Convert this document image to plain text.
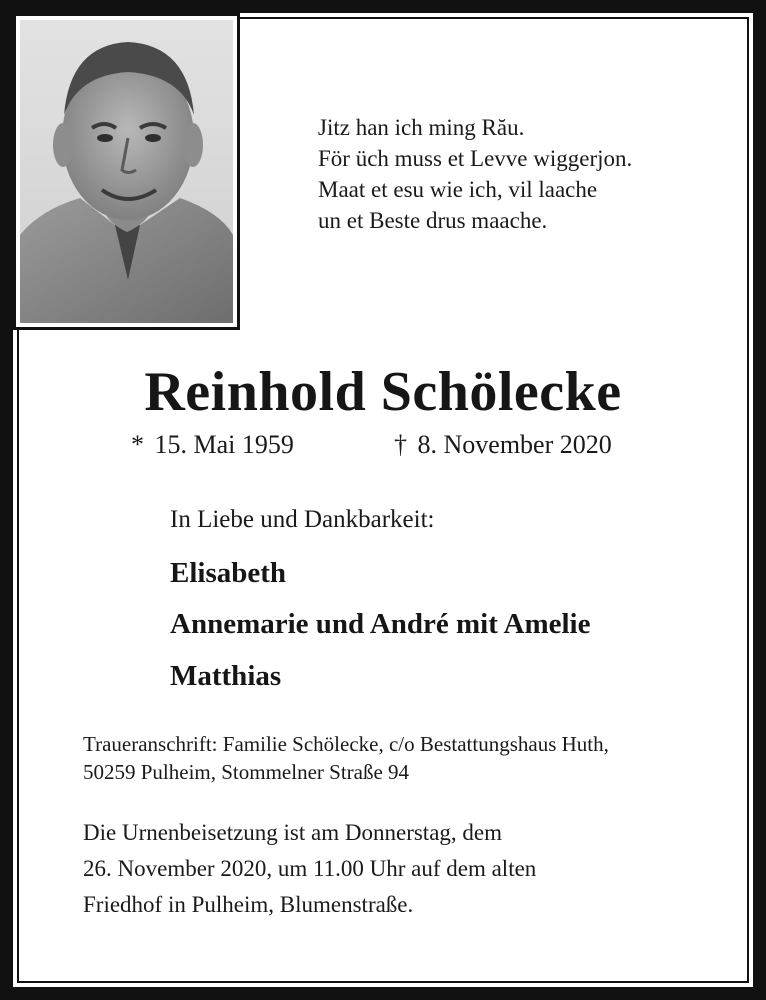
Jitz han ich ming Rău.
För üch muss et Levve wiggerjon.
Maat et esu wie ich, vil laache
un et Beste drus maache.
Reinhold Schölecke
* 15. Mai 1959	† 8. November 2020
In Liebe und Dankbarkeit:
Elisabeth
Annemarie und André mit Amelie
Matthias
Traueranschrift: Familie Schölecke, c/o Bestattungshaus Huth,
50259 Pulheim, Stommelner Straße 94
Die Urnenbeisetzung ist am Donnerstag, dem
26. November 2020, um 11.00 Uhr auf dem alten
Friedhof in Pulheim, Blumenstraße.
